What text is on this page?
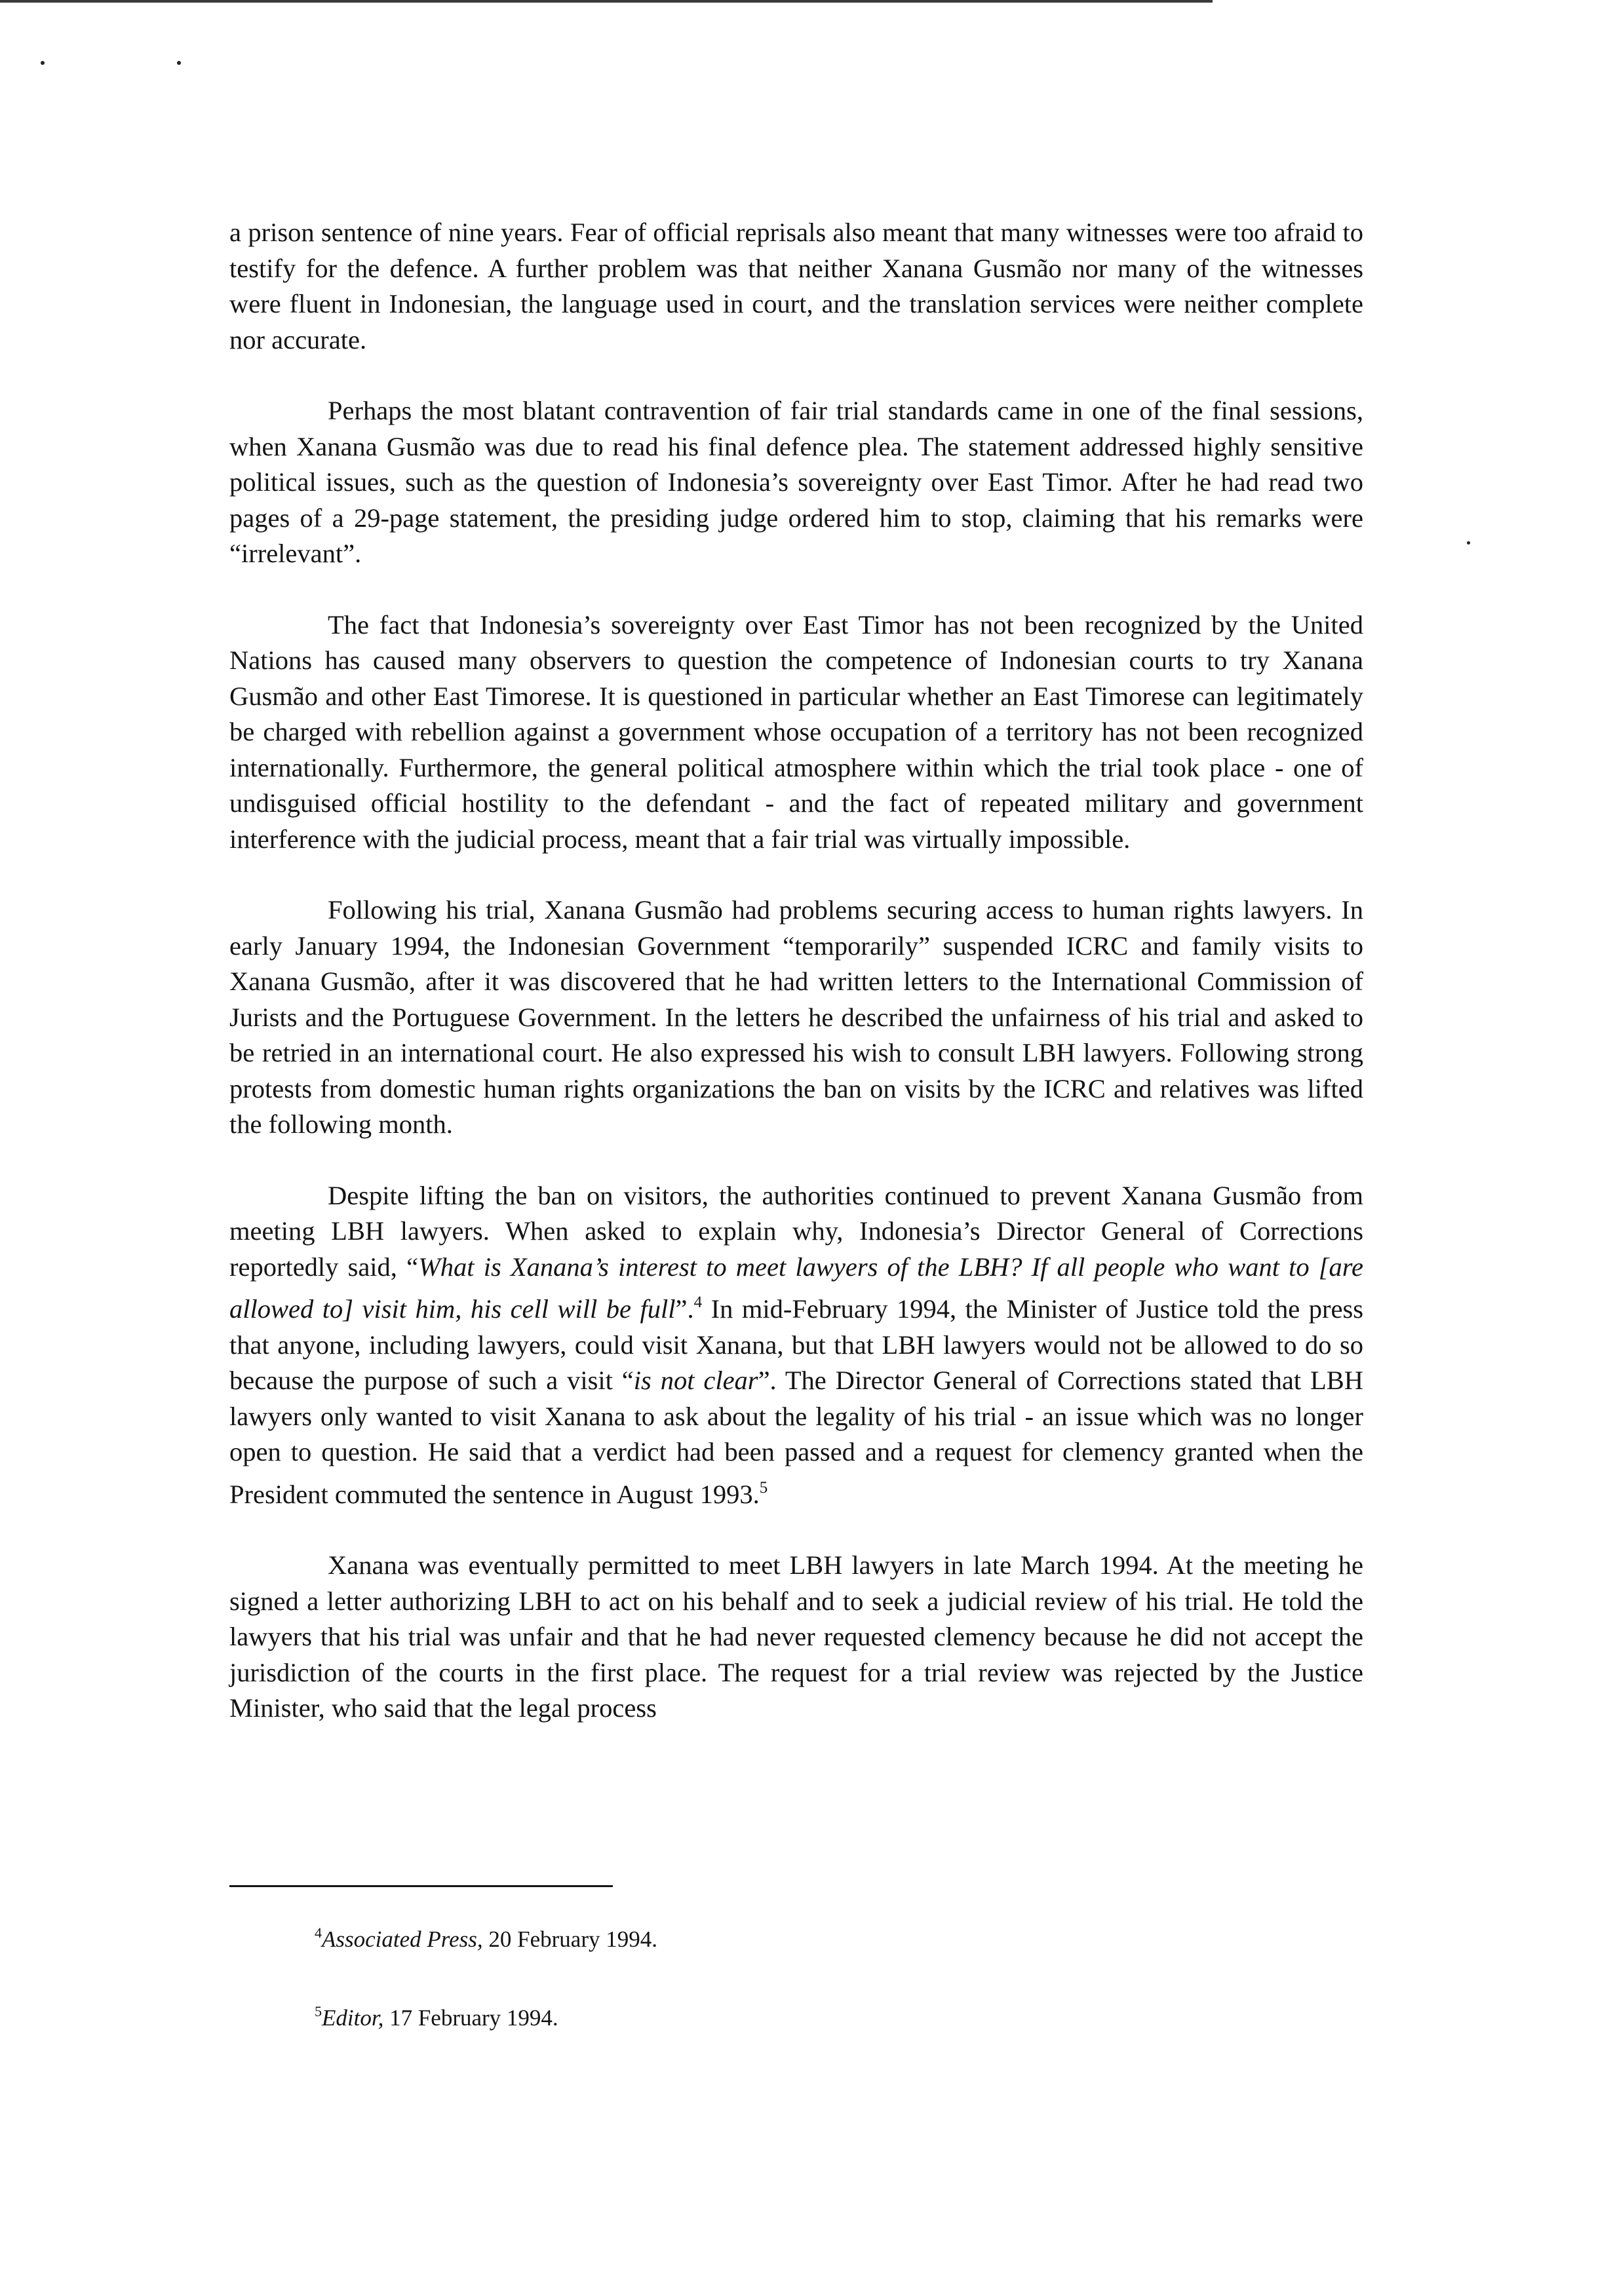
a prison sentence of nine years. Fear of official reprisals also meant that many witnesses were too afraid to testify for the defence. A further problem was that neither Xanana Gusmão nor many of the witnesses were fluent in Indonesian, the language used in court, and the translation services were neither complete nor accurate.

Perhaps the most blatant contravention of fair trial standards came in one of the final sessions, when Xanana Gusmão was due to read his final defence plea. The statement addressed highly sensitive political issues, such as the question of Indonesia’s sovereignty over East Timor. After he had read two pages of a 29-page statement, the presiding judge ordered him to stop, claiming that his remarks were “irrelevant”.

The fact that Indonesia’s sovereignty over East Timor has not been recognized by the United Nations has caused many observers to question the competence of Indonesian courts to try Xanana Gusmão and other East Timorese. It is questioned in particular whether an East Timorese can legitimately be charged with rebellion against a government whose occupation of a territory has not been recognized internationally. Furthermore, the general political atmosphere within which the trial took place - one of undisguised official hostility to the defendant - and the fact of repeated military and government interference with the judicial process, meant that a fair trial was virtually impossible.

Following his trial, Xanana Gusmão had problems securing access to human rights lawyers. In early January 1994, the Indonesian Government “temporarily” suspended ICRC and family visits to Xanana Gusmão, after it was discovered that he had written letters to the International Commission of Jurists and the Portuguese Government. In the letters he described the unfairness of his trial and asked to be retried in an international court. He also expressed his wish to consult LBH lawyers. Following strong protests from domestic human rights organizations the ban on visits by the ICRC and relatives was lifted the following month.

Despite lifting the ban on visitors, the authorities continued to prevent Xanana Gusmão from meeting LBH lawyers. When asked to explain why, Indonesia’s Director General of Corrections reportedly said, “What is Xanana’s interest to meet lawyers of the LBH? If all people who want to [are allowed to] visit him, his cell will be full”.$^4$ In mid-February 1994, the Minister of Justice told the press that anyone, including lawyers, could visit Xanana, but that LBH lawyers would not be allowed to do so because the purpose of such a visit “is not clear”. The Director General of Corrections stated that LBH lawyers only wanted to visit Xanana to ask about the legality of his trial - an issue which was no longer open to question. He said that a verdict had been passed and a request for clemency granted when the President commuted the sentence in August 1993.$^5$

Xanana was eventually permitted to meet LBH lawyers in late March 1994. At the meeting he signed a letter authorizing LBH to act on his behalf and to seek a judicial review of his trial. He told the lawyers that his trial was unfair and that he had never requested clemency because he did not accept the jurisdiction of the courts in the first place. The request for a trial review was rejected by the Justice Minister, who said that the legal process

$^4$Associated Press, 20 February 1994.

$^5$Editor, 17 February 1994.
